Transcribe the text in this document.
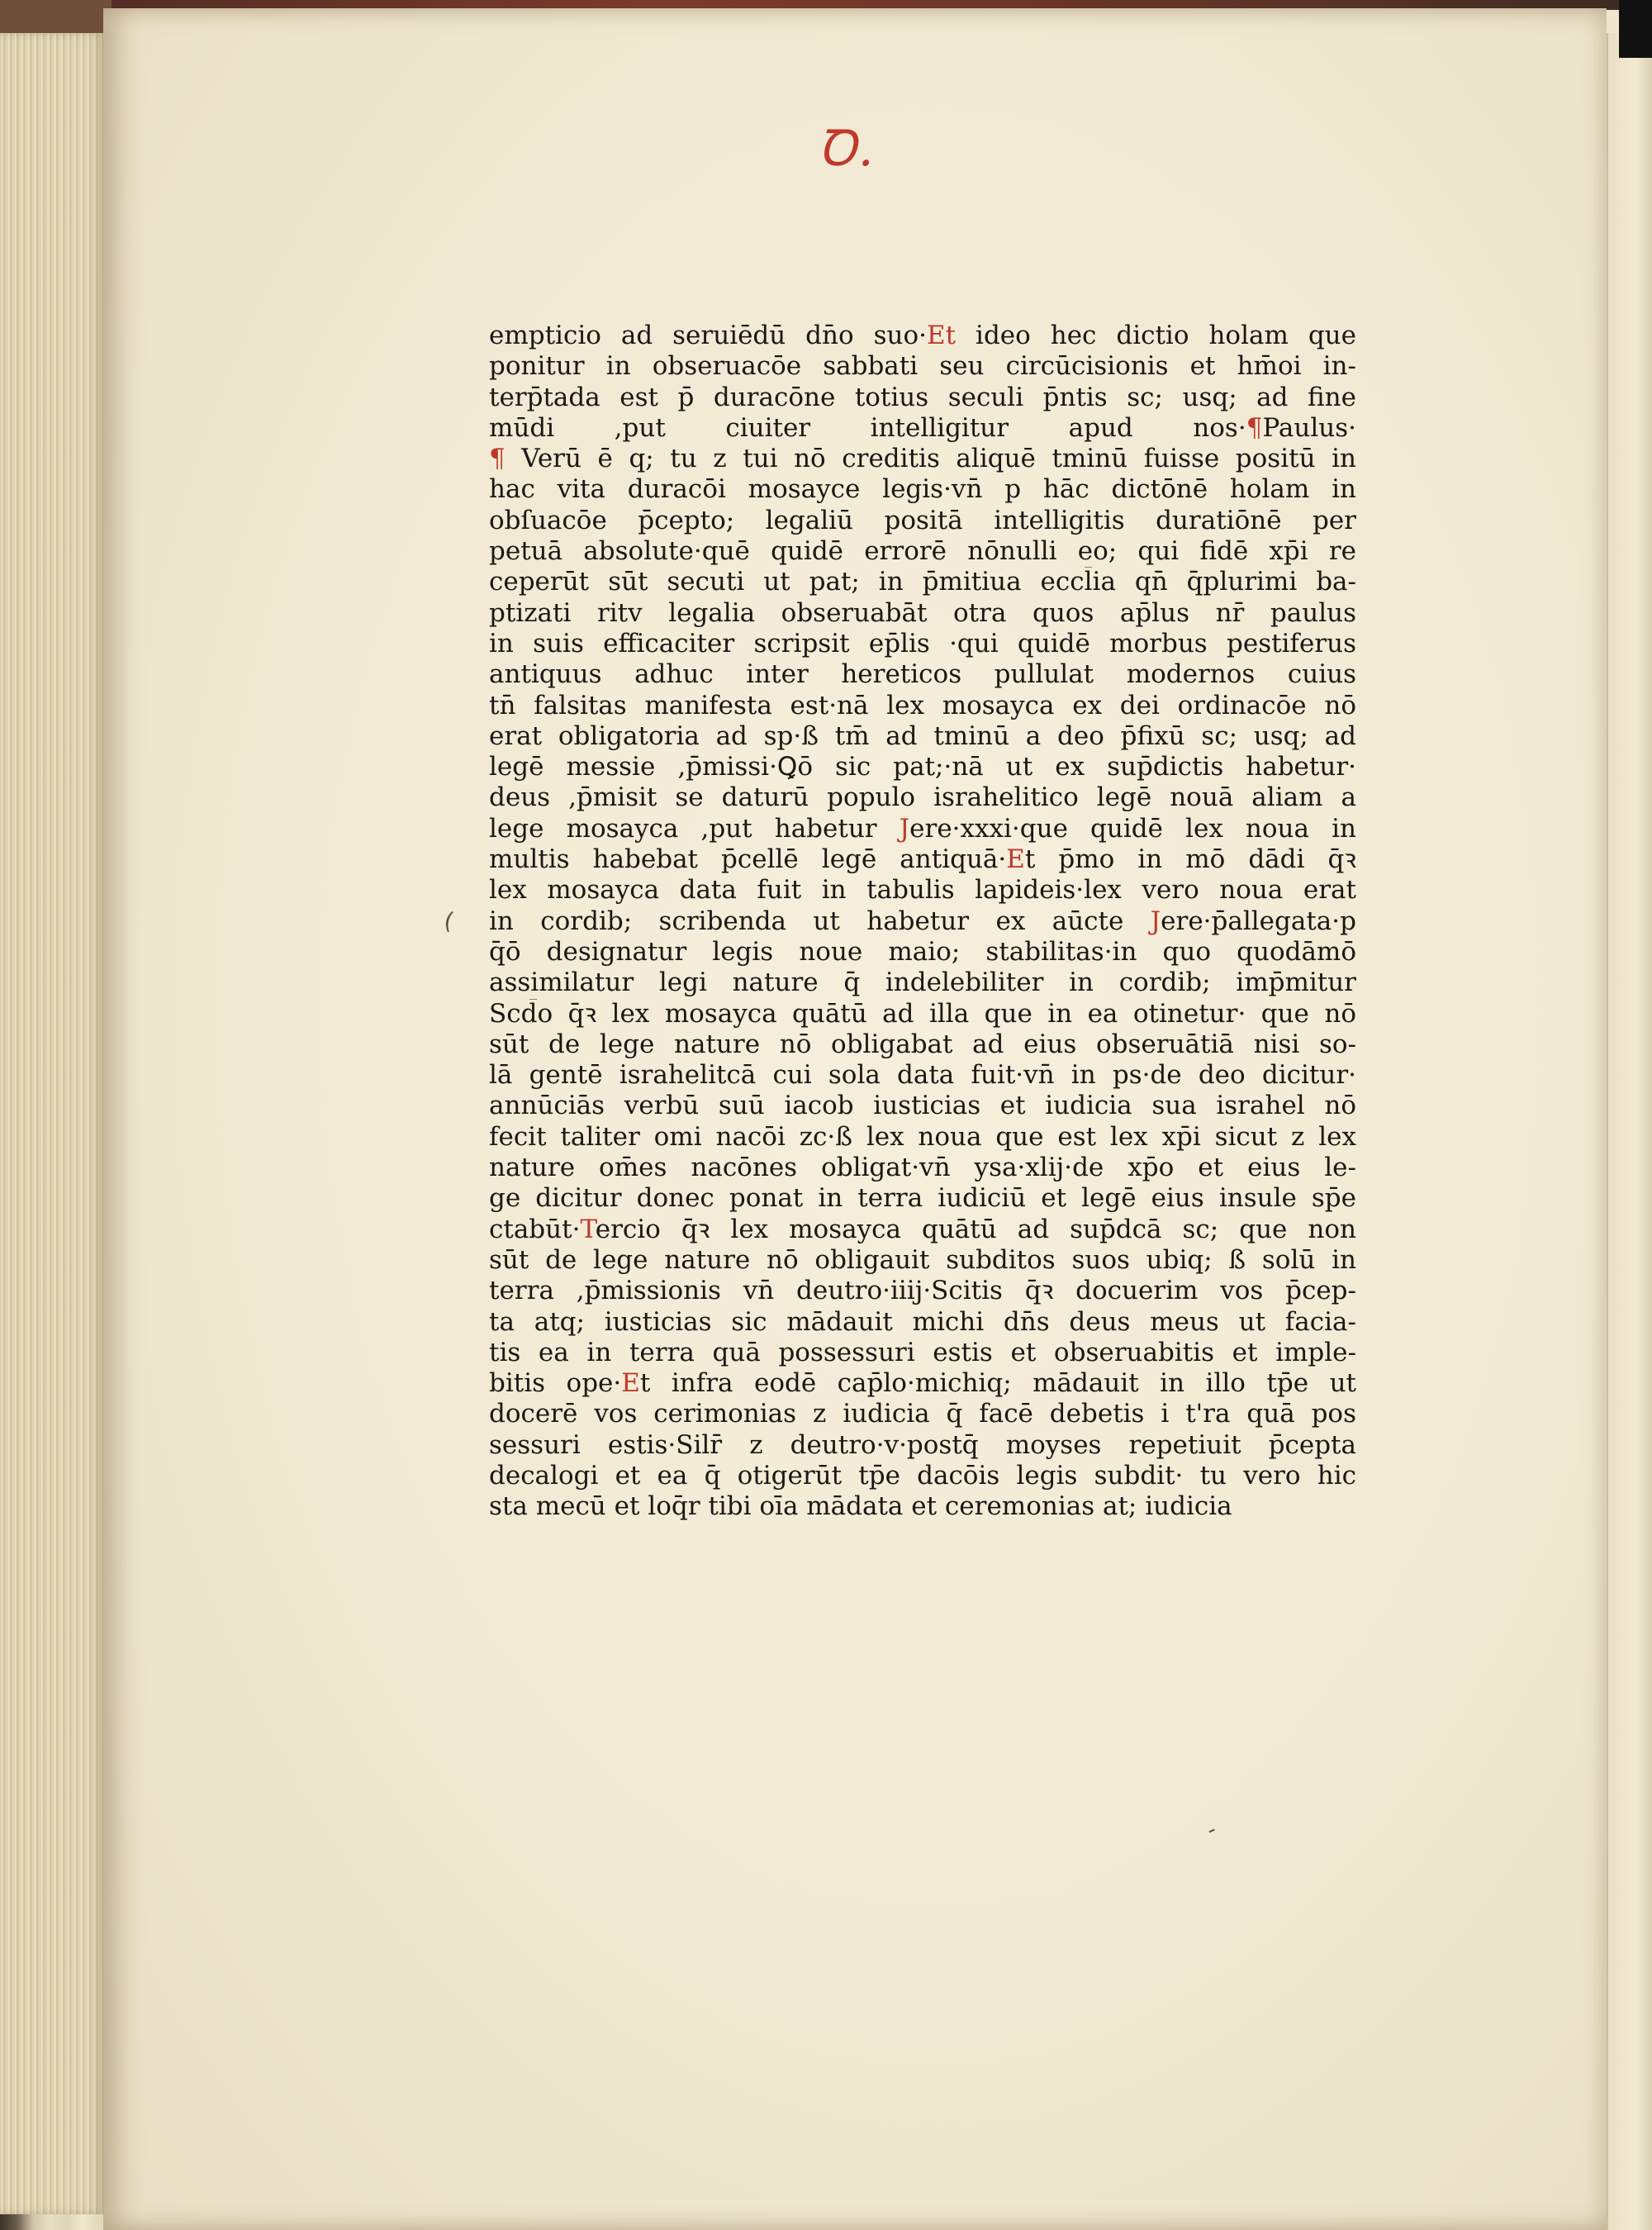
Ꝺ.
(
-
empticio ad seruiēdū dn̄o suo·Et ideo hec dictio holam que
ponitur in obseruacōe sabbati seu circūcisionis et hm̄oi in-
terp̄tada est p̄ duracōne totius seculi p̄ntis sc; usq; ad fine
mūdi ,put ciuiter intelligitur apud nos·¶Paulus·
¶ Verū ē q; tu z tui nō creditis aliquē tminū fuisse positū in
hac vita duracōi mosayce legis·vn̄ p hāc dictōnē holam in
obſuacōe p̄cepto; legaliū positā intelligitis duratiōnē per
petuā absolute·quē quidē errorē nōnulli eo; qui fidē xp̄i re
ceperūt sūt secuti ut pat; in p̄mitiua eccl̄ia qn̄ q̄plurimi ba-
ptizati ritv legalia obseruabāt otra quos ap̄lus nr̄ paulus
in suis efficaciter scripsit ep̄lis ·qui quidē morbus pestiferus
antiquus adhuc inter hereticos pullulat modernos cuius
tn̄ falsitas manifesta est·nā lex mosayca ex dei ordinacōe nō
erat obligatoria ad sp·ß tm̄ ad tminū a deo p̄fixū sc; usq; ad
legē messie ,p̄missi·Ꝗō sic pat;·nā ut ex sup̄dictis habetur·
deus ,p̄misit se daturū populo israhelitico legē nouā aliam a
lege mosayca ,put habetur Jere·xxxi·que quidē lex noua in
multis habebat p̄cellē legē antiquā·Et p̄mo in mō dādi q̄ꝛ
lex mosayca data fuit in tabulis lapideis·lex vero noua erat
in cordib; scribenda ut habetur ex aūcte Jere·p̄allegata·p
q̄ō designatur legis noue maio; stabilitas·in quo quodāmō
assimilatur legi nature q̄ indelebiliter in cordib; imp̄mitur
Scd̄o q̄ꝛ lex mosayca quātū ad illa que in ea otinetur· que nō
sūt de lege nature nō obligabat ad eius obseruātiā nisi so-
lā gentē israhelitcā cui sola data fuit·vn̄ in ps·de deo dicitur·
annūciās verbū suū iacob iusticias et iudicia sua israhel nō
fecit taliter omi nacōi zc·ß lex noua que est lex xp̄i sicut z lex
nature om̄es nacōnes obligat·vn̄ ysa·xlij·de xp̄o et eius le-
ge dicitur donec ponat in terra iudiciū et legē eius insule sp̄e
ctabūt·Tercio q̄ꝛ lex mosayca quātū ad sup̄dcā sc; que non
sūt de lege nature nō obligauit subditos suos ubiq; ß solū in
terra ,p̄missionis vn̄ deutro·iiij·Scitis q̄ꝛ docuerim vos p̄cep-
ta atq; iusticias sic mādauit michi dn̄s deus meus ut facia-
tis ea in terra quā possessuri estis et obseruabitis et imple-
bitis ope·Et infra eodē cap̄lo·michiq; mādauit in illo tp̄e ut
docerē vos cerimonias z iudicia q̄ facē debetis i t'ra quā pos
sessuri estis·Silr̄ z deutro·v·postq̄ moyses repetiuit p̄cepta
decalogi et ea q̄ otigerūt tp̄e dacōis legis subdit· tu vero hic
sta mecū et loq̄r tibi oīa mādata et ceremonias at; iudicia
